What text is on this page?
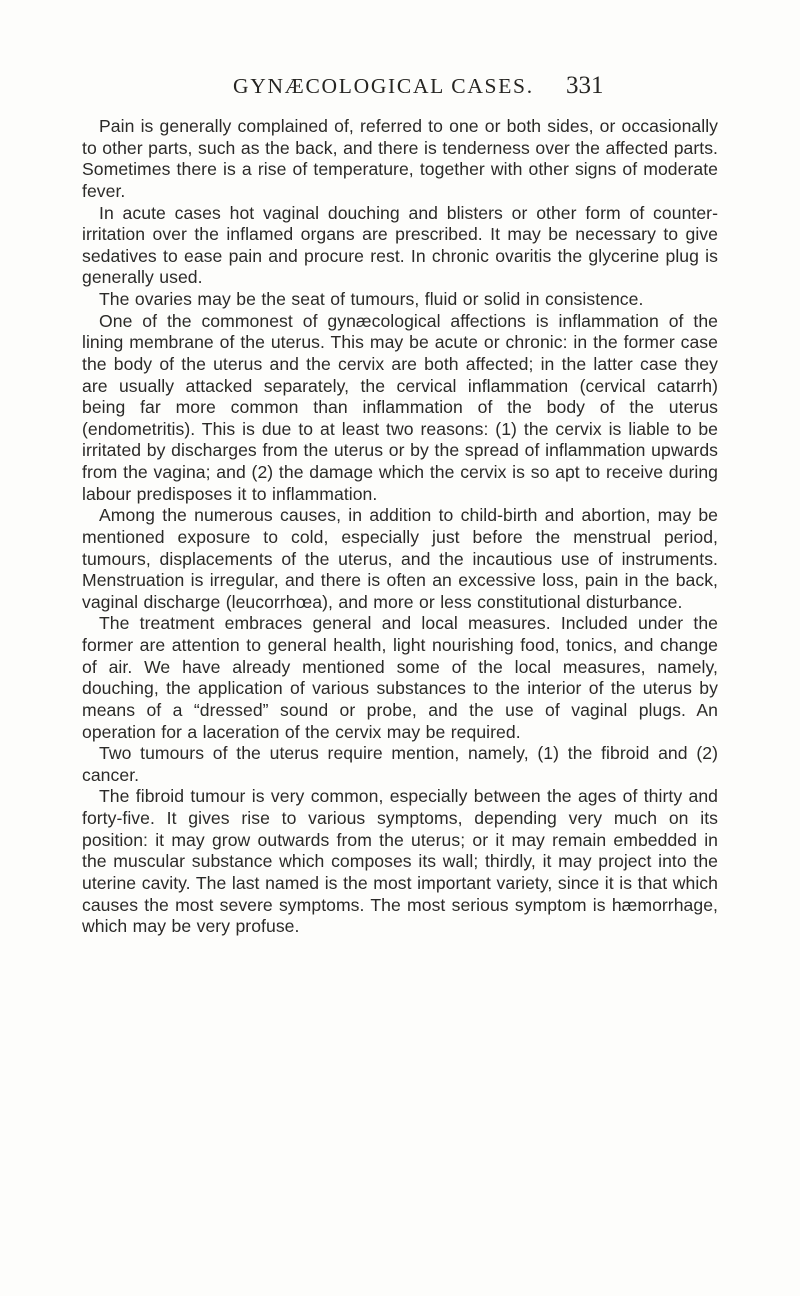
GYNÆCOLOGICAL CASES.	331

Pain is generally complained of, referred to one or both sides, or occasionally to other parts, such as the back, and there is tenderness over the affected parts. Sometimes there is a rise of temperature, together with other signs of moderate fever.

In acute cases hot vaginal douching and blisters or other form of counter-irritation over the inflamed organs are prescribed. It may be necessary to give sedatives to ease pain and procure rest. In chronic ovaritis the glycerine plug is generally used.

The ovaries may be the seat of tumours, fluid or solid in consistence.

One of the commonest of gynæcological affections is inflammation of the lining membrane of the uterus. This may be acute or chronic: in the former case the body of the uterus and the cervix are both affected; in the latter case they are usually attacked separately, the cervical inflammation (cervical catarrh) being far more common than inflammation of the body of the uterus (endometritis). This is due to at least two reasons: (1) the cervix is liable to be irritated by discharges from the uterus or by the spread of inflammation upwards from the vagina; and (2) the damage which the cervix is so apt to receive during labour predisposes it to inflammation.

Among the numerous causes, in addition to child-birth and abortion, may be mentioned exposure to cold, especially just before the menstrual period, tumours, displacements of the uterus, and the incautious use of instruments. Menstruation is irregular, and there is often an excessive loss, pain in the back, vaginal discharge (leucorrhœa), and more or less constitutional disturbance.

The treatment embraces general and local measures. Included under the former are attention to general health, light nourishing food, tonics, and change of air. We have already mentioned some of the local measures, namely, douching, the application of various substances to the interior of the uterus by means of a “dressed” sound or probe, and the use of vaginal plugs. An operation for a laceration of the cervix may be required.

Two tumours of the uterus require mention, namely, (1) the fibroid and (2) cancer.

The fibroid tumour is very common, especially between the ages of thirty and forty-five. It gives rise to various symptoms, depending very much on its position: it may grow outwards from the uterus; or it may remain embedded in the muscular substance which composes its wall; thirdly, it may project into the uterine cavity. The last named is the most important variety, since it is that which causes the most severe symptoms. The most serious symptom is hæmorrhage, which may be very profuse.
